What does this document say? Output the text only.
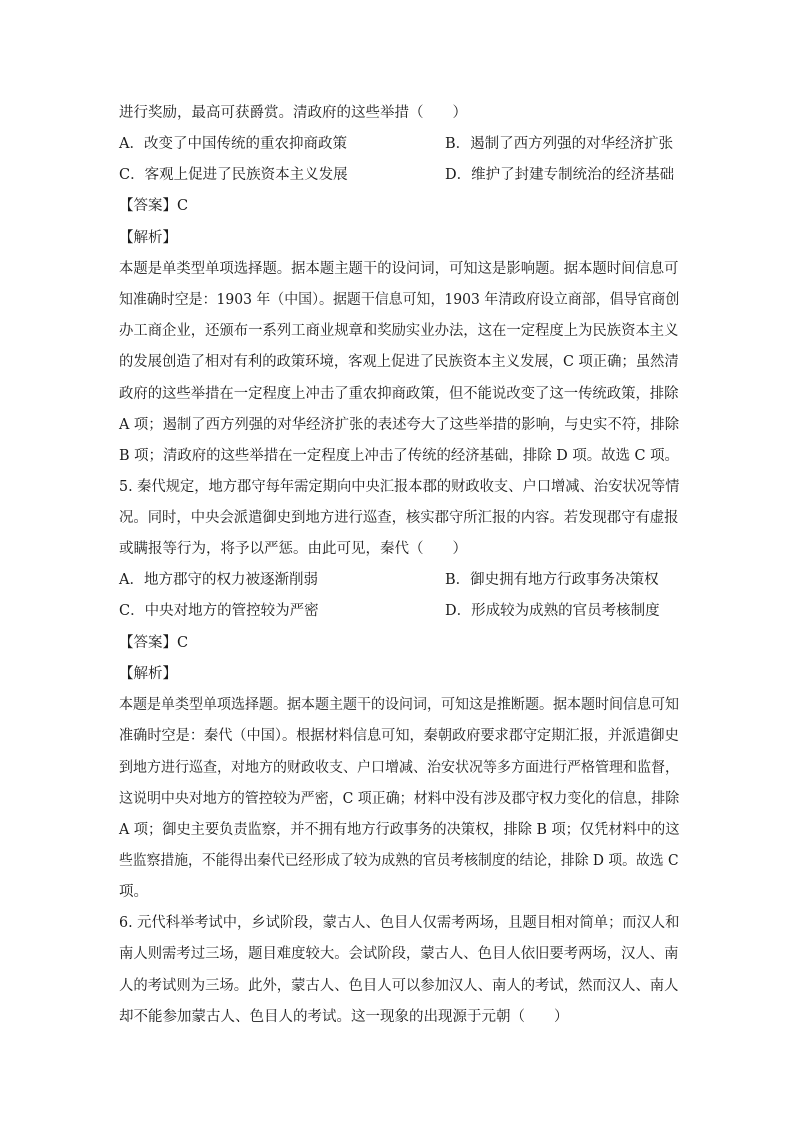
进行奖励，最高可获爵赏。清政府的这些举措（　　）
A．改变了中国传统的重农抑商政策	B．遏制了西方列强的对华经济扩张
C．客观上促进了民族资本主义发展	D．维护了封建专制统治的经济基础
【答案】C
【解析】
本题是单类型单项选择题。据本题主题干的设问词，可知这是影响题。据本题时间信息可
知准确时空是：1903 年（中国）。据题干信息可知，1903 年清政府设立商部，倡导官商创
办工商企业，还颁布一系列工商业规章和奖励实业办法，这在一定程度上为民族资本主义
的发展创造了相对有利的政策环境，客观上促进了民族资本主义发展，C 项正确；虽然清
政府的这些举措在一定程度上冲击了重农抑商政策，但不能说改变了这一传统政策，排除
A 项；遏制了西方列强的对华经济扩张的表述夸大了这些举措的影响，与史实不符，排除
B 项；清政府的这些举措在一定程度上冲击了传统的经济基础，排除 D 项。故选 C 项。
5. 秦代规定，地方郡守每年需定期向中央汇报本郡的财政收支、户口增减、治安状况等情
况。同时，中央会派遣御史到地方进行巡查，核实郡守所汇报的内容。若发现郡守有虚报
或瞒报等行为，将予以严惩。由此可见，秦代（　　）
A．地方郡守的权力被逐渐削弱	B．御史拥有地方行政事务决策权
C．中央对地方的管控较为严密	D．形成较为成熟的官员考核制度
【答案】C
【解析】
本题是单类型单项选择题。据本题主题干的设问词，可知这是推断题。据本题时间信息可知
准确时空是：秦代（中国）。根据材料信息可知，秦朝政府要求郡守定期汇报，并派遣御史
到地方进行巡查，对地方的财政收支、户口增减、治安状况等多方面进行严格管理和监督，
这说明中央对地方的管控较为严密，C 项正确；材料中没有涉及郡守权力变化的信息，排除
A 项；御史主要负责监察，并不拥有地方行政事务的决策权，排除 B 项；仅凭材料中的这
些监察措施，不能得出秦代已经形成了较为成熟的官员考核制度的结论，排除 D 项。故选 C
项。
6. 元代科举考试中，乡试阶段，蒙古人、色目人仅需考两场，且题目相对简单；而汉人和
南人则需考过三场，题目难度较大。会试阶段，蒙古人、色目人依旧要考两场，汉人、南
人的考试则为三场。此外，蒙古人、色目人可以参加汉人、南人的考试，然而汉人、南人
却不能参加蒙古人、色目人的考试。这一现象的出现源于元朝（　　）
